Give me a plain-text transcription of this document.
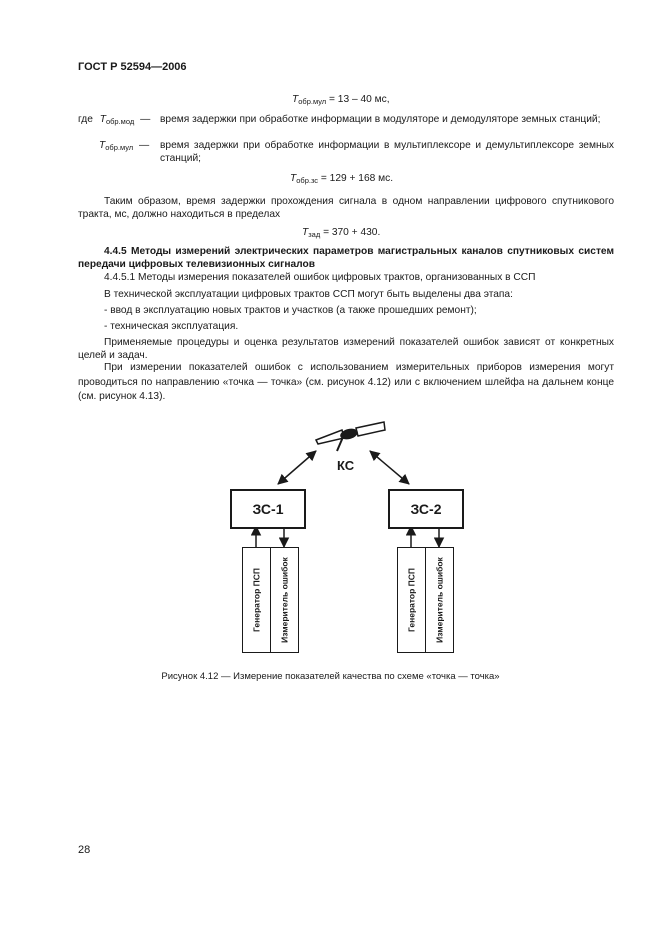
ГОСТ Р 52594—2006
$T_{обр.мул} = 13 - 40$ мс,
где $T_{обр.мод}$ — время задержки при обработке информации в модуляторе и демодуляторе земных станций;
$T_{обр.мул}$ — время задержки при обработке информации в мультиплексоре и демультиплексоре земных станций;
$T_{обр.зс} = 129 + 168$ мс.
Таким образом, время задержки прохождения сигнала в одном направлении цифрового спутникового тракта, мс, должно находиться в пределах
$T_{зад} = 370 + 430$.
4.4.5 Методы измерений электрических параметров магистральных каналов спутниковых систем передачи цифровых телевизионных сигналов
4.4.5.1 Методы измерения показателей ошибок цифровых трактов, организованных в ССП
В технической эксплуатации цифровых трактов ССП могут быть выделены два этапа:
- ввод в эксплуатацию новых трактов и участков (а также прошедших ремонт);
- техническая эксплуатация.
Применяемые процедуры и оценка результатов измерений показателей ошибок зависят от конкретных целей и задач.
При измерении показателей ошибок с использованием измерительных приборов измерения могут проводиться по направлению «точка — точка» (см. рисунок 4.12) или с включением шлейфа на дальнем конце (см. рисунок 4.13).
КС
ЗС-1	ЗС-2
Генератор ПСП Измеритель ошибок	Генератор ПСП Измеритель ошибок
Рисунок 4.12 — Измерение показателей качества по схеме «точка — точка»
28
